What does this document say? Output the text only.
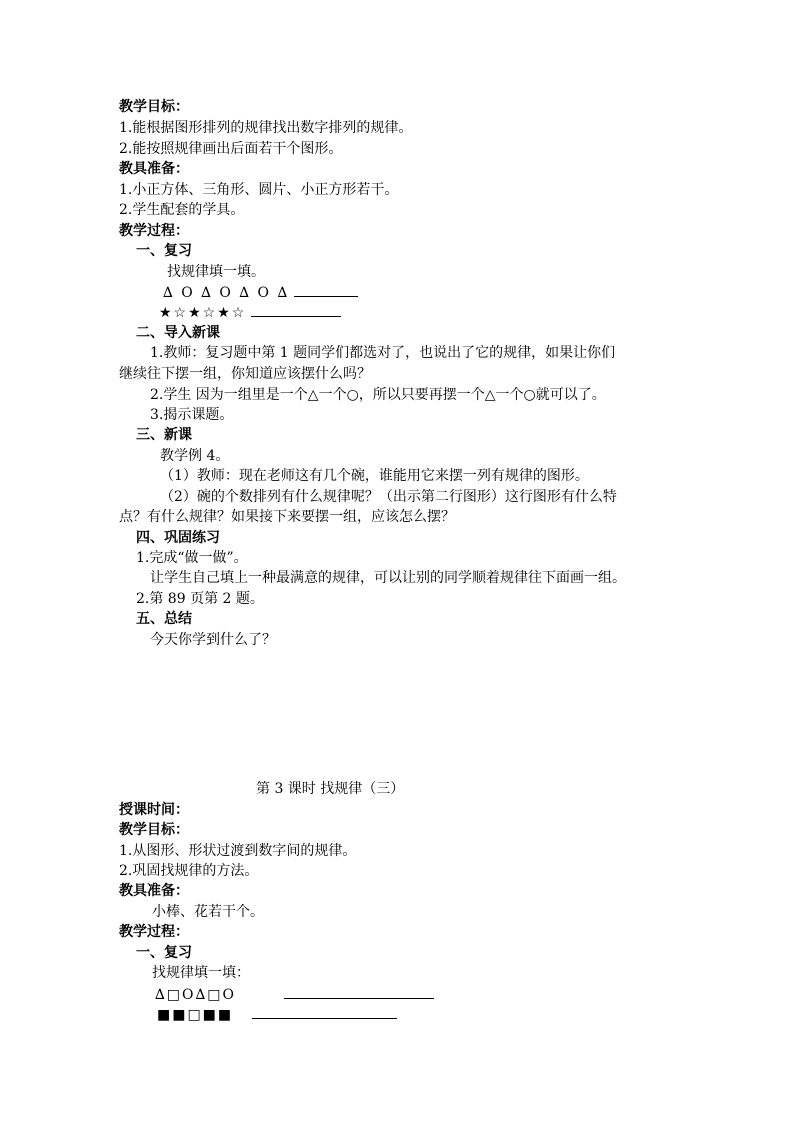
教学目标：
1.能根据图形排列的规律找出数字排列的规律。
2.能按照规律画出后面若干个图形。
教具准备：
1.小正方体、三角形、圆片、小正方形若干。
2.学生配套的学具。
教学过程：
一、复习
找规律填一填。
∆ O ∆ O ∆ O ∆
★☆★☆★☆
二、导入新课
1.教师：复习题中第 1 题同学们都选对了，也说出了它的规律，如果让你们
继续往下摆一组，你知道应该摆什么吗？
2.学生 因为一组里是一个△一个○，所以只要再摆一个△一个○就可以了。
3.揭示课题。
三、新课
教学例 4。
（1）教师：现在老师这有几个碗，谁能用它来摆一列有规律的图形。
（2）碗的个数排列有什么规律呢？（出示第二行图形）这行图形有什么特
点？有什么规律？如果接下来要摆一组，应该怎么摆？
四、巩固练习
1.完成“做一做”。
让学生自己填上一种最满意的规律，可以让别的同学顺着规律往下面画一组。
2.第 89 页第 2 题。
五、总结
今天你学到什么了？
第 3 课时 找规律（三）
授课时间：
教学目标：
1.从图形、形状过渡到数字间的规律。
2.巩固找规律的方法。
教具准备：
小棒、花若干个。
教学过程：
一、复习
找规律填一填：
∆□O∆□O
■■□■■
